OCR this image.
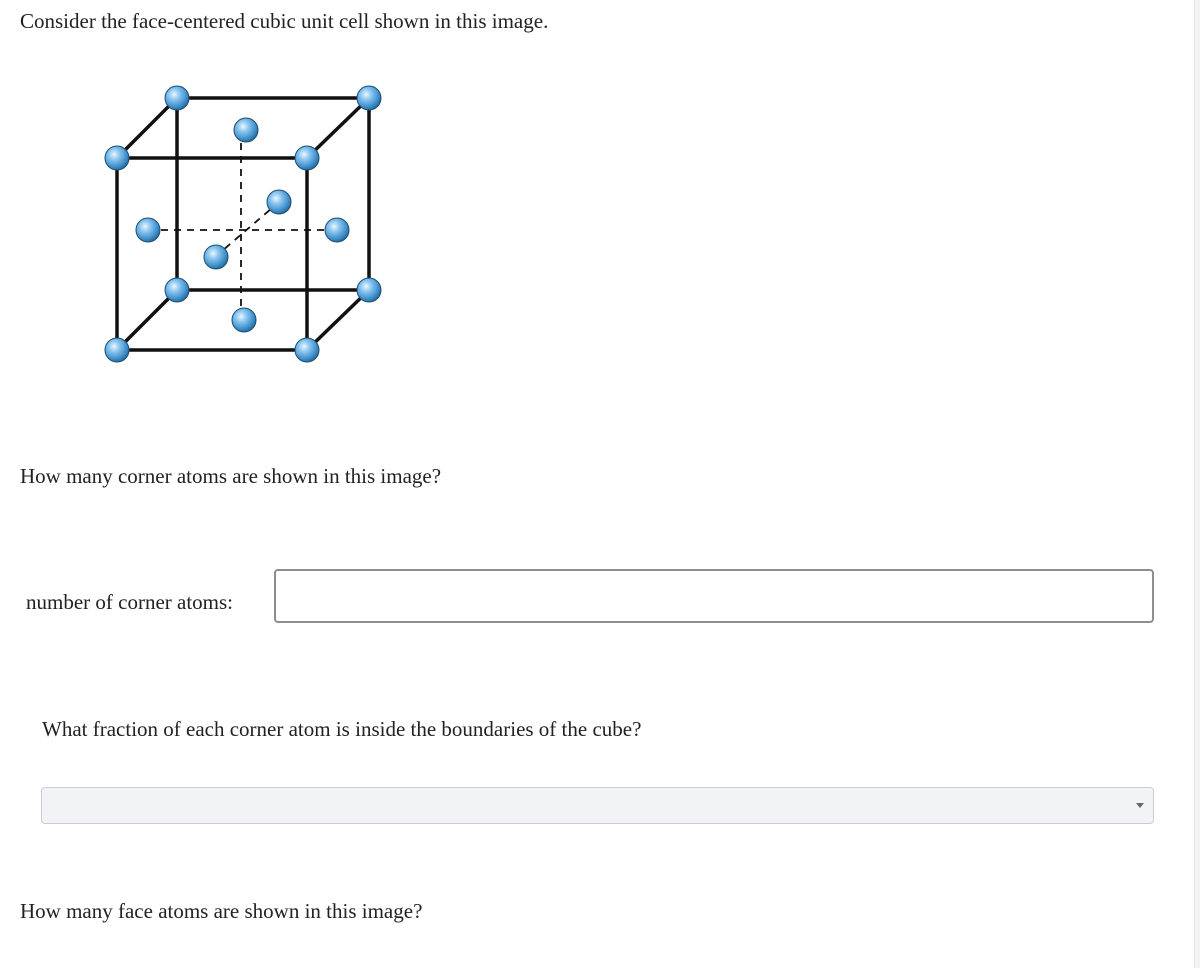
Consider the face-centered cubic unit cell shown in this image.
How many corner atoms are shown in this image?
number of corner atoms:
What fraction of each corner atom is inside the boundaries of the cube?
How many face atoms are shown in this image?
